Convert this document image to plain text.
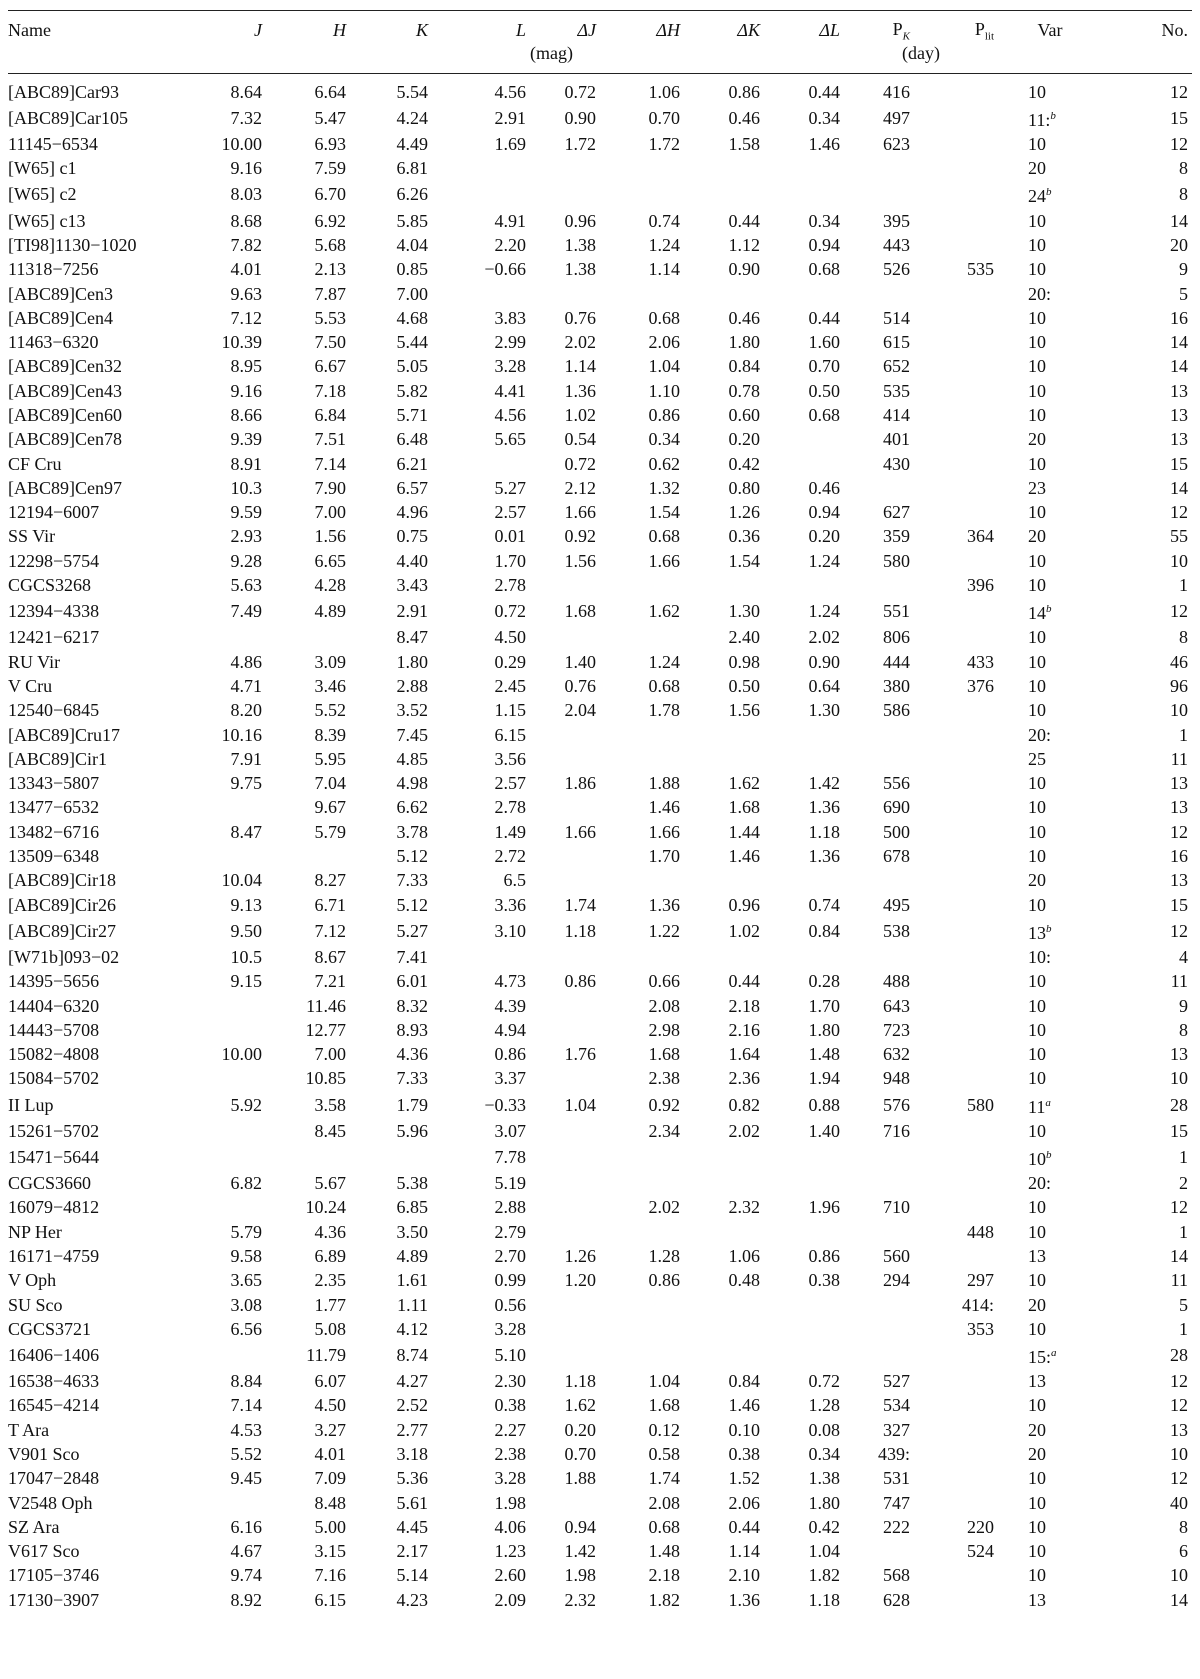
Name	J	H	K	L	ΔJ	ΔH	ΔK	ΔL	$P_K$	$P_{lit}$	Var	No.
					(mag)				(day)			
[ABC89]Car93	8.64	6.64	5.54	4.56	0.72	1.06	0.86	0.44	416		10	12
[ABC89]Car105	7.32	5.47	4.24	2.91	0.90	0.70	0.46	0.34	497		11:$^b$	15
11145−6534	10.00	6.93	4.49	1.69	1.72	1.72	1.58	1.46	623		10	12
[W65] c1	9.16	7.59	6.81								20	8
[W65] c2	8.03	6.70	6.26								24$^b$	8
[W65] c13	8.68	6.92	5.85	4.91	0.96	0.74	0.44	0.34	395		10	14
[TI98]1130−1020	7.82	5.68	4.04	2.20	1.38	1.24	1.12	0.94	443		10	20
11318−7256	4.01	2.13	0.85	−0.66	1.38	1.14	0.90	0.68	526	535	10	9
[ABC89]Cen3	9.63	7.87	7.00								20:	5
[ABC89]Cen4	7.12	5.53	4.68	3.83	0.76	0.68	0.46	0.44	514		10	16
11463−6320	10.39	7.50	5.44	2.99	2.02	2.06	1.80	1.60	615		10	14
[ABC89]Cen32	8.95	6.67	5.05	3.28	1.14	1.04	0.84	0.70	652		10	14
[ABC89]Cen43	9.16	7.18	5.82	4.41	1.36	1.10	0.78	0.50	535		10	13
[ABC89]Cen60	8.66	6.84	5.71	4.56	1.02	0.86	0.60	0.68	414		10	13
[ABC89]Cen78	9.39	7.51	6.48	5.65	0.54	0.34	0.20		401		20	13
CF Cru	8.91	7.14	6.21		0.72	0.62	0.42		430		10	15
[ABC89]Cen97	10.3	7.90	6.57	5.27	2.12	1.32	0.80	0.46			23	14
12194−6007	9.59	7.00	4.96	2.57	1.66	1.54	1.26	0.94	627		10	12
SS Vir	2.93	1.56	0.75	0.01	0.92	0.68	0.36	0.20	359	364	20	55
12298−5754	9.28	6.65	4.40	1.70	1.56	1.66	1.54	1.24	580		10	10
CGCS3268	5.63	4.28	3.43	2.78						396	10	1
12394−4338	7.49	4.89	2.91	0.72	1.68	1.62	1.30	1.24	551		14$^b$	12
12421−6217			8.47	4.50			2.40	2.02	806		10	8
RU Vir	4.86	3.09	1.80	0.29	1.40	1.24	0.98	0.90	444	433	10	46
V Cru	4.71	3.46	2.88	2.45	0.76	0.68	0.50	0.64	380	376	10	96
12540−6845	8.20	5.52	3.52	1.15	2.04	1.78	1.56	1.30	586		10	10
[ABC89]Cru17	10.16	8.39	7.45	6.15							20:	1
[ABC89]Cir1	7.91	5.95	4.85	3.56							25	11
13343−5807	9.75	7.04	4.98	2.57	1.86	1.88	1.62	1.42	556		10	13
13477−6532		9.67	6.62	2.78		1.46	1.68	1.36	690		10	13
13482−6716	8.47	5.79	3.78	1.49	1.66	1.66	1.44	1.18	500		10	12
13509−6348			5.12	2.72		1.70	1.46	1.36	678		10	16
[ABC89]Cir18	10.04	8.27	7.33	6.5							20	13
[ABC89]Cir26	9.13	6.71	5.12	3.36	1.74	1.36	0.96	0.74	495		10	15
[ABC89]Cir27	9.50	7.12	5.27	3.10	1.18	1.22	1.02	0.84	538		13$^b$	12
[W71b]093−02	10.5	8.67	7.41								10:	4
14395−5656	9.15	7.21	6.01	4.73	0.86	0.66	0.44	0.28	488		10	11
14404−6320		11.46	8.32	4.39		2.08	2.18	1.70	643		10	9
14443−5708		12.77	8.93	4.94		2.98	2.16	1.80	723		10	8
15082−4808	10.00	7.00	4.36	0.86	1.76	1.68	1.64	1.48	632		10	13
15084−5702		10.85	7.33	3.37		2.38	2.36	1.94	948		10	10
II Lup	5.92	3.58	1.79	−0.33	1.04	0.92	0.82	0.88	576	580	11$^a$	28
15261−5702		8.45	5.96	3.07		2.34	2.02	1.40	716		10	15
15471−5644				7.78							10$^b$	1
CGCS3660	6.82	5.67	5.38	5.19							20:	2
16079−4812		10.24	6.85	2.88		2.02	2.32	1.96	710		10	12
NP Her	5.79	4.36	3.50	2.79						448	10	1
16171−4759	9.58	6.89	4.89	2.70	1.26	1.28	1.06	0.86	560		13	14
V Oph	3.65	2.35	1.61	0.99	1.20	0.86	0.48	0.38	294	297	10	11
SU Sco	3.08	1.77	1.11	0.56						414:	20	5
CGCS3721	6.56	5.08	4.12	3.28						353	10	1
16406−1406		11.79	8.74	5.10							15:$^a$	28
16538−4633	8.84	6.07	4.27	2.30	1.18	1.04	0.84	0.72	527		13	12
16545−4214	7.14	4.50	2.52	0.38	1.62	1.68	1.46	1.28	534		10	12
T Ara	4.53	3.27	2.77	2.27	0.20	0.12	0.10	0.08	327		20	13
V901 Sco	5.52	4.01	3.18	2.38	0.70	0.58	0.38	0.34	439:		20	10
17047−2848	9.45	7.09	5.36	3.28	1.88	1.74	1.52	1.38	531		10	12
V2548 Oph		8.48	5.61	1.98		2.08	2.06	1.80	747		10	40
SZ Ara	6.16	5.00	4.45	4.06	0.94	0.68	0.44	0.42	222	220	10	8
V617 Sco	4.67	3.15	2.17	1.23	1.42	1.48	1.14	1.04		524	10	6
17105−3746	9.74	7.16	5.14	2.60	1.98	2.18	2.10	1.82	568		10	10
17130−3907	8.92	6.15	4.23	2.09	2.32	1.82	1.36	1.18	628		13	14
